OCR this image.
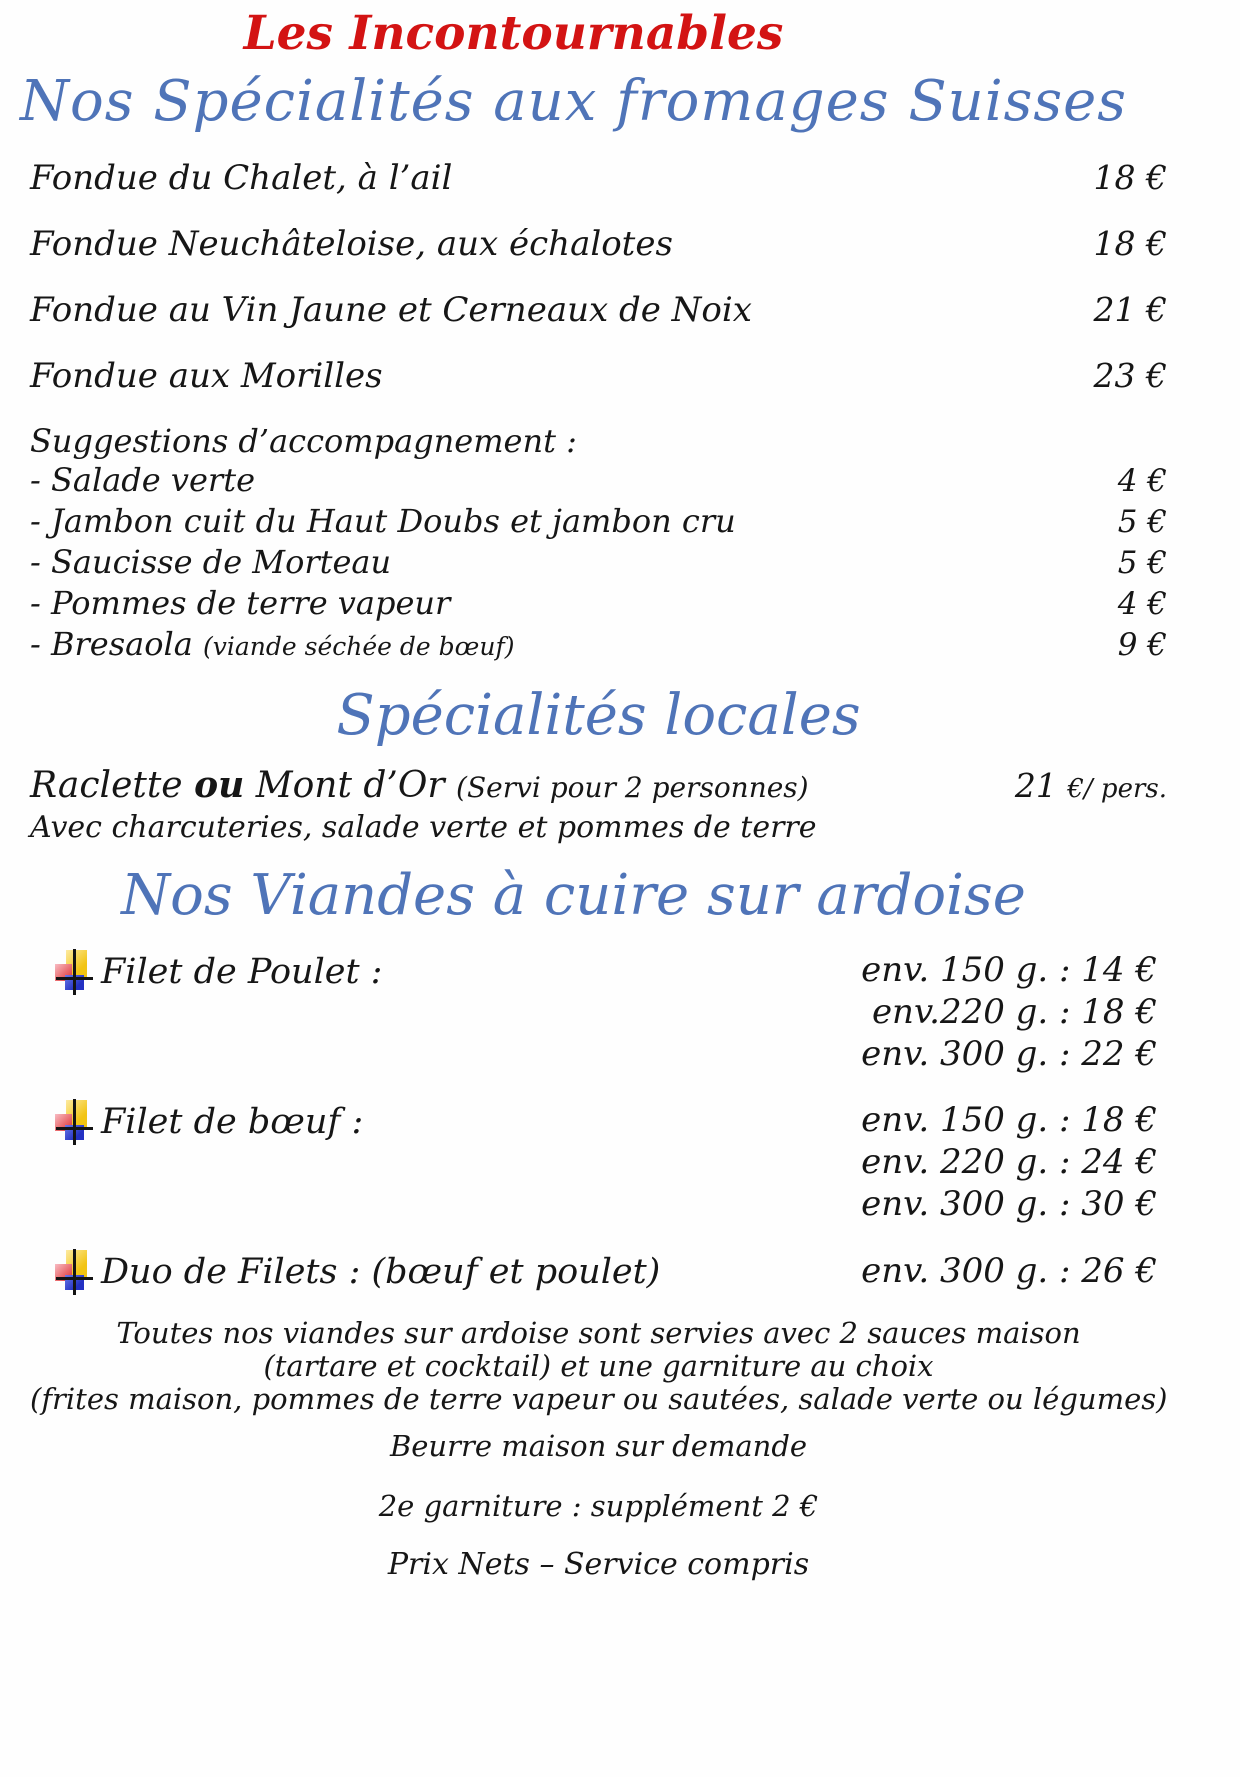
Les Incontournables
Nos Spécialités aux fromages Suisses
Fondue du Chalet, à l’ail	18 €
Fondue Neuchâteloise, aux échalotes	18 €
Fondue au Vin Jaune et Cerneaux de Noix	21 €
Fondue aux Morilles	23 €
Suggestions d’accompagnement :
- Salade verte	4 €
- Jambon cuit du Haut Doubs et jambon cru	5 €
- Saucisse de Morteau	5 €
- Pommes de terre vapeur	4 €
- Bresaola (viande séchée de bœuf)	9 €
Spécialités locales
Raclette ou Mont d’Or (Servi pour 2 personnes)	21 €/ pers.
Avec charcuteries, salade verte et pommes de terre
Nos Viandes à cuire sur ardoise
Filet de Poulet :	env. 150 g. : 14 €
env.220 g. : 18 €
env. 300 g. : 22 €
Filet de bœuf :	env. 150 g. : 18 €
env. 220 g. : 24 €
env. 300 g. : 30 €
Duo de Filets : (bœuf et poulet)	env. 300 g. : 26 €

Toutes nos viandes sur ardoise sont servies avec 2 sauces maison (tartare et cocktail) et une garniture au choix

(frites maison, pommes de terre vapeur ou sautées, salade verte ou légumes)

Beurre maison sur demande

2e garniture : supplément 2 €

Prix Nets – Service compris
